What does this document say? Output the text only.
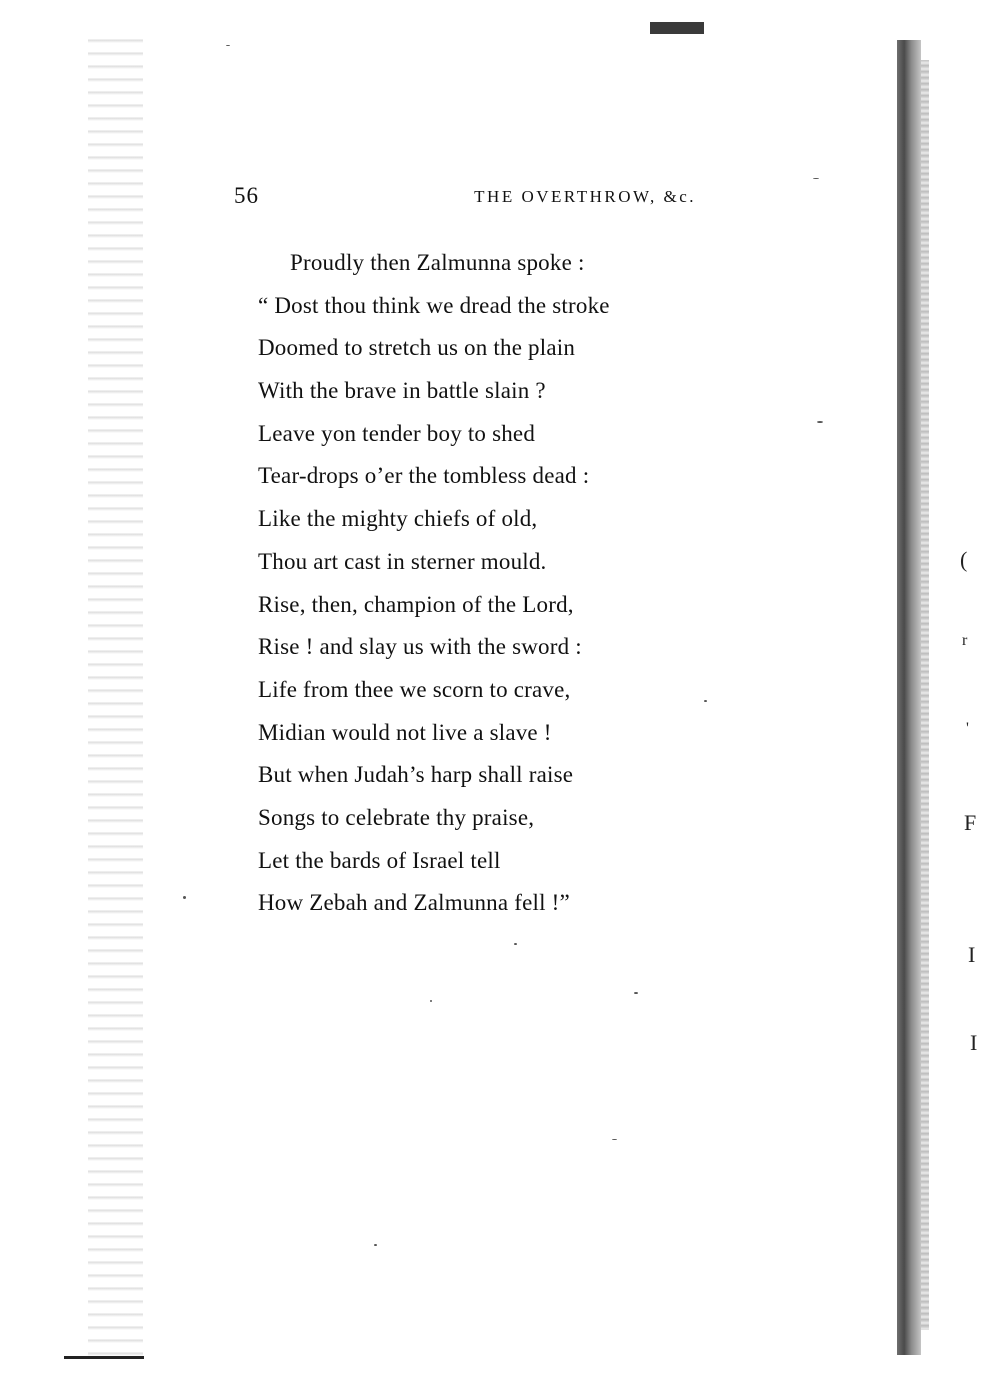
56	THE OVERTHROW, &c.
Proudly then Zalmunna spoke :
“ Dost thou think we dread the stroke
Doomed to stretch us on the plain
With the brave in battle slain ?
Leave yon tender boy to shed
Tear-drops o’er the tombless dead :
Like the mighty chiefs of old,
Thou art cast in sterner mould.
Rise, then, champion of the Lord,
Rise ! and slay us with the sword :
Life from thee we scorn to crave,
Midian would not live a slave !
But when Judah’s harp shall raise
Songs to celebrate thy praise,
Let the bards of Israel tell
How Zebah and Zalmunna fell !”
(
r
'
F
I
I
